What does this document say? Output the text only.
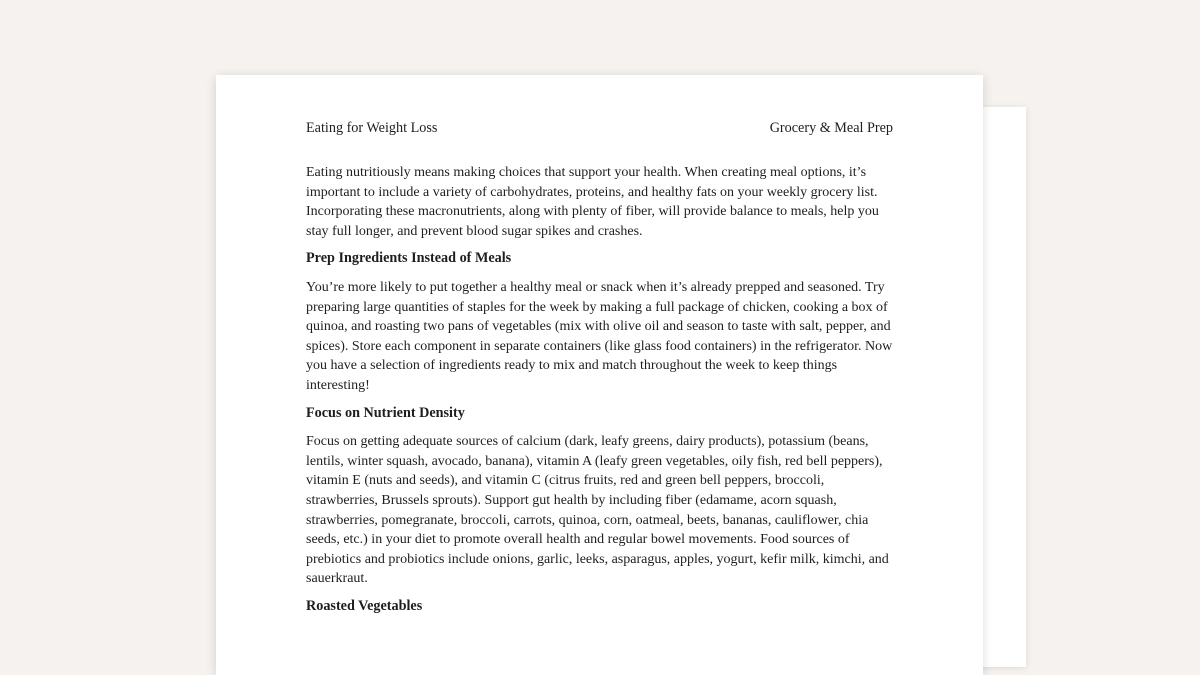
Eating for Weight Loss	Grocery & Meal Prep

Eating nutritiously means making choices that support your health. When creating meal options, it’s important to include a variety of carbohydrates, proteins, and healthy fats on your weekly grocery list. Incorporating these macronutrients, along with plenty of fiber, will provide balance to meals, help you stay full longer, and prevent blood sugar spikes and crashes.

Prep Ingredients Instead of Meals

You’re more likely to put together a healthy meal or snack when it’s already prepped and seasoned. Try preparing large quantities of staples for the week by making a full package of chicken, cooking a box of quinoa, and roasting two pans of vegetables (mix with olive oil and season to taste with salt, pepper, and spices). Store each component in separate containers (like glass food containers) in the refrigerator. Now you have a selection of ingredients ready to mix and match throughout the week to keep things interesting!

Focus on Nutrient Density

Focus on getting adequate sources of calcium (dark, leafy greens, dairy products), potassium (beans, lentils, winter squash, avocado, banana), vitamin A (leafy green vegetables, oily fish, red bell peppers), vitamin E (nuts and seeds), and vitamin C (citrus fruits, red and green bell peppers, broccoli, strawberries, Brussels sprouts). Support gut health by including fiber (edamame, acorn squash, strawberries, pomegranate, broccoli, carrots, quinoa, corn, oatmeal, beets, bananas, cauliflower, chia seeds, etc.) in your diet to promote overall health and regular bowel movements. Food sources of prebiotics and probiotics include onions, garlic, leeks, asparagus, apples, yogurt, kefir milk, kimchi, and sauerkraut.

Roasted Vegetables
